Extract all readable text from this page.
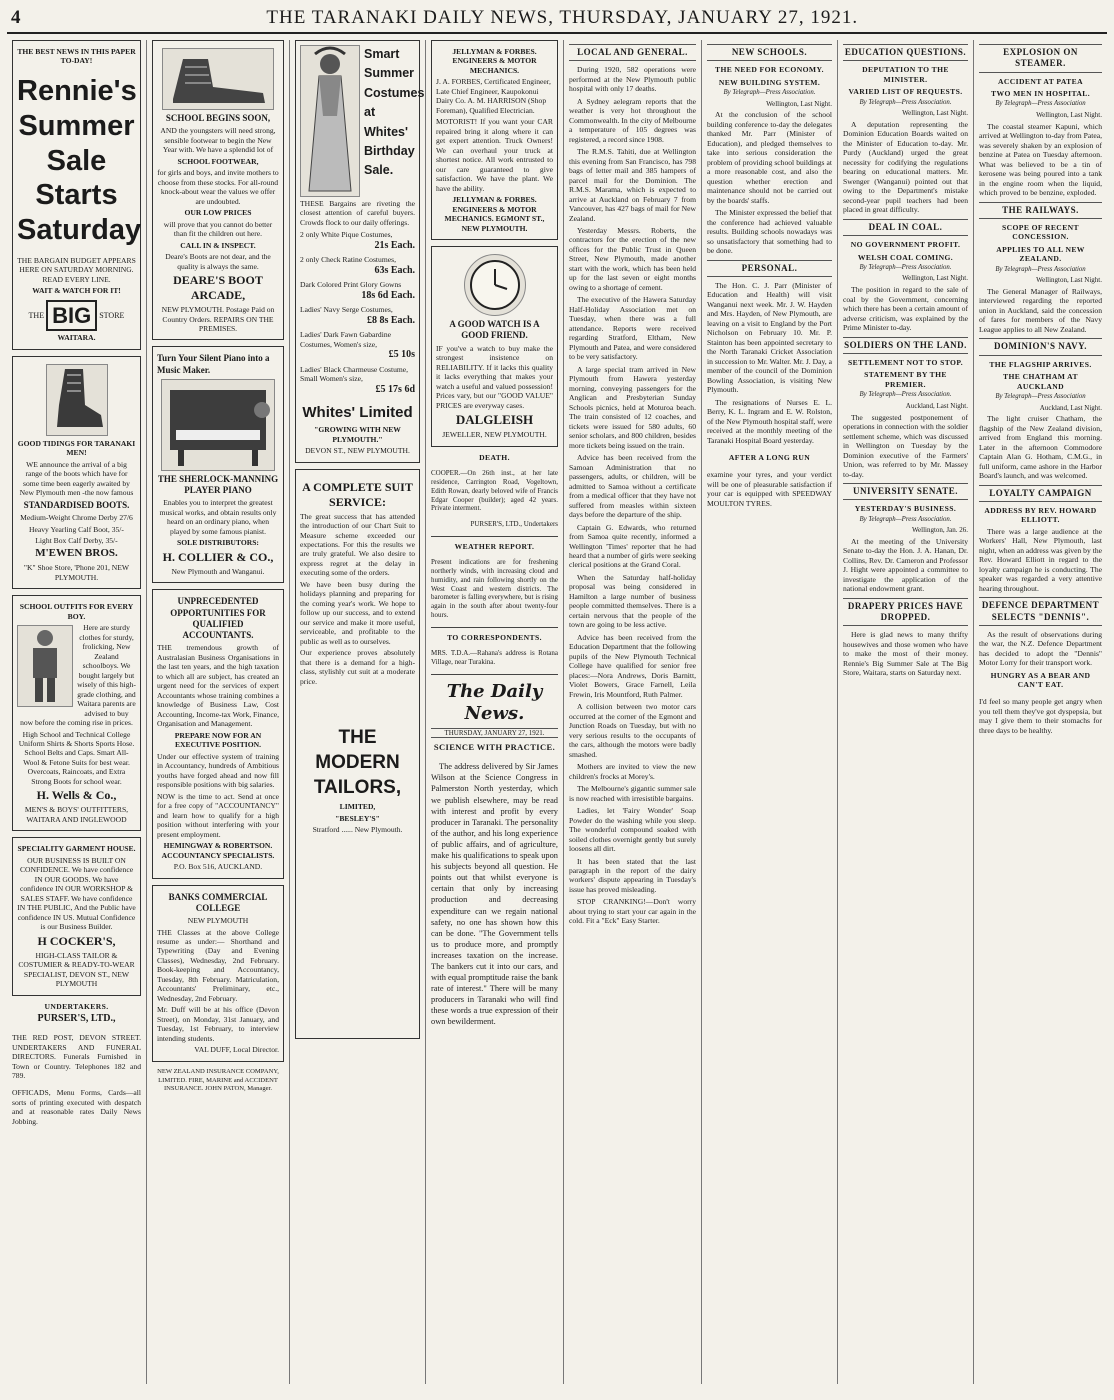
4	THE TARANAKI DAILY NEWS, THURSDAY, JANUARY 27, 1921.

THE BEST NEWS IN THIS PAPER TO-DAY!

Rennie's
Summer
Sale
Starts
Saturday

THE BARGAIN BUDGET APPEARS HERE ON SATURDAY MORNING. READ EVERY LINE.

WAIT & WATCH FOR IT!

THE BIG	STORE

WAITARA.

GOOD TIDINGS FOR TARANAKI MEN!

WE announce the arrival of a big range of the boots which have for some time been eagerly awaited by New Plymouth men -the now famous

STANDARDISED BOOTS.

Medium-Weight Chrome Derby 27/6

Heavy Yearling Calf Boot, 35/-

Light Box Calf Derby, 35/-

M'EWEN BROS.

"K" Shoe Store, 'Phone 201, NEW PLYMOUTH.

SCHOOL OUTFITS FOR EVERY BOY.

Here are sturdy clothes for sturdy, frolicking, New Zealand schoolboys. We bought largely but wisely of this high-grade clothing, and Waitara parents are advised to buy now before the coming rise in prices.

High School and Technical College Uniform Shirts & Shorts Sports Hose. School Belts and Caps. Smart All-Wool & Fetone Suits for best wear. Overcoats, Raincoats, and Extra Strong Boots for school wear.

H. Wells & Co.,

MEN'S & BOYS' OUTFITTERS, WAITARA AND INGLEWOOD

SPECIALITY GARMENT HOUSE.

OUR BUSINESS IS BUILT ON CONFIDENCE. We have confidence IN OUR GOODS. We have confidence IN OUR WORKSHOP & SALES STAFF. We have confidence IN THE PUBLIC, And the Public have confidence IN US. Mutual Confidence is our Business Builder.

H COCKER'S,

HIGH-CLASS TAILOR & COSTUMIER & READY-TO-WEAR SPECIALIST, DEVON ST., NEW PLYMOUTH

UNDERTAKERS.

PURSER'S, LTD.,

THE RED POST, DEVON STREET. UNDERTAKERS AND FUNERAL DIRECTORS. Funerals Furnished in Town or Country. Telephones 182 and 789.

OFFICADS, Menu Forms, Cards—all sorts of printing executed with despatch and at reasonable rates Daily News Jobbing.

SCHOOL BEGINS SOON,

AND the youngsters will need strong, sensible footwear to begin the New Year with. We have a splendid lot of

SCHOOL FOOTWEAR,

for girls and boys, and invite mothers to choose from these stocks. For all-round knock-about wear the values we offer are undoubted.

OUR LOW PRICES

will prove that you cannot do better than fit the children out here.

CALL IN & INSPECT.

Deare's Boots are not dear, and the quality is always the same.

DEARE'S BOOT ARCADE,

NEW PLYMOUTH. Postage Paid on Country Orders. REPAIRS ON THE PREMISES.

Turn Your Silent Piano into a Music Maker.

THE SHERLOCK-MANNING PLAYER PIANO

Enables you to interpret the greatest musical works, and obtain results only heard on an ordinary piano, when played by some famous pianist.

SOLE DISTRIBUTORS:

H. COLLIER & CO.,

New Plymouth and Wanganui.

UNPRECEDENTED OPPORTUNITIES FOR QUALIFIED ACCOUNTANTS.

THE tremendous growth of Australasian Business Organisations in the last ten years, and the high taxation to which all are subject, has created an urgent need for the services of expert Accountants whose training combines a knowledge of Business Law, Cost Accounting, Income-tax Work, Finance, Organisation and Management.

PREPARE NOW FOR AN EXECUTIVE POSITION.

Under our effective system of training in Accountancy, hundreds of Ambitious youths have forged ahead and now fill responsible positions with big salaries.

NOW is the time to act. Send at once for a free copy of "ACCOUNTANCY" and learn how to qualify for a high position without interfering with your present employment.

HEMINGWAY & ROBERTSON. ACCOUNTANCY SPECIALISTS.

P.O. Box 516, AUCKLAND.

BANKS COMMERCIAL COLLEGE

NEW PLYMOUTH

THE Classes at the above College resume as under:— Shorthand and Typewriting (Day and Evening Classes), Wednesday, 2nd February. Book-keeping and Accountancy, Tuesday, 8th February. Matriculation, Accountants' Preliminary, etc., Wednesday, 2nd February.

Mr. Duff will be at his office (Devon Street), on Monday, 31st January, and Tuesday, 1st February, to interview intending students.

VAL DUFF, Local Director.

NEW ZEALAND INSURANCE COMPANY, LIMITED. FIRE, MARINE and ACCIDENT INSURANCE. JOHN PATON, Manager.

Smart
Summer
Costumes
at
Whites'
Birthday
Sale.

THESE Bargains are riveting the closest attention of careful buyers. Crowds flock to our daily offerings.

2 only White Pique Costumes,
21s Each.
2 only Check Ratine Costumes,
63s Each.
Dark Colored Print Glory Gowns
18s 6d Each.
Ladies' Navy Serge Costumes,
£8 8s Each.
Ladies' Dark Fawn Gabardine Costumes, Women's size,
£5 10s
Ladies' Black Charmeuse Costume, Small Women's size,
£5 17s 6d

Whites' Limited

"GROWING WITH NEW PLYMOUTH."

DEVON ST., NEW PLYMOUTH.

A COMPLETE SUIT SERVICE:

The great success that has attended the introduction of our Chart Suit to Measure scheme exceeded our expectations. For this the results we are truly grateful. We also desire to express regret at the delay in executing some of the orders.

We have been busy during the holidays planning and preparing for the coming year's work. We hope to follow up our success, and to extend our service and make it more useful, serviceable, and profitable to the public as well as to ourselves.

Our experience proves absolutely that there is a demand for a high-class, stylishly cut suit at a moderate price.

THE MODERN TAILORS,

LIMITED,

"BESLEY'S"

Stratford ...... New Plymouth.

JELLYMAN & FORBES. ENGINEERS & MOTOR MECHANICS.

J. A. FORBES, Certificated Engineer, Late Chief Engineer, Kaupokonui Dairy Co. A. M. HARRISON (Shop Foreman), Qualified Electrician.

MOTORIST! If you want your CAR repaired bring it along where it can get expert attention. Truck Owners! We can overhaul your truck at shortest notice. All work entrusted to our care guaranteed to give satisfaction. We have the plant. We have the ability.

JELLYMAN & FORBES. ENGINEERS & MOTOR MECHANICS. EGMONT ST., NEW PLYMOUTH.

A GOOD WATCH IS A GOOD FRIEND.

IF you've a watch to buy make the strongest insistence on RELIABILITY. If it lacks this quality it lacks everything that makes your watch a useful and valued possession! Prices vary, but our "GOOD VALUE" PRICES are everyway cases.

DALGLEISH

JEWELLER, NEW PLYMOUTH.

DEATH.

COOPER.—On 26th inst., at her late residence, Carrington Road, Vogeltown, Edith Rowan, dearly beloved wife of Francis Edgar Cooper (builder); aged 42 years. Private interment.

PURSER'S, LTD., Undertakers

WEATHER REPORT.

Present indications are for freshening northerly winds, with increasing cloud and humidity, and rain following shortly on the West Coast and western districts. The barometer is falling everywhere, but is rising again in the south after about twenty-four hours.

TO CORRESPONDENTS.

MRS. T.D.A.—Rahana's address is Rotana Village, near Turakina.

The Daily News.

THURSDAY, JANUARY 27, 1921.

SCIENCE WITH PRACTICE.

The address delivered by Sir James Wilson at the Science Congress in Palmerston North yesterday, which we publish elsewhere, may be read with interest and profit by every producer in Taranaki. The personality of the author, and his long experience of public affairs, and of agriculture, make his qualifications to speak upon his subjects beyond all question. He points out that whilst everyone is certain that only by increasing production and decreasing expenditure can we regain national safety, no one has shown how this can be done. "The Government tells us to produce more, and promptly increases taxation on the increase. The bankers cut it into our cars, and with equal promptitude raise the bank rate of interest." There will be many producers in Taranaki who will find these words a true expression of their own bewilderment.

LOCAL AND GENERAL.

During 1920, 582 operations were performed at the New Plymouth public hospital with only 17 deaths.

A Sydney aelegram reports that the weather is very hot throughout the Commonwealth. In the city of Melbourne a temperature of 105 degrees was registered, a record since 1908.

The R.M.S. Tahiti, due at Wellington this evening from San Francisco, has 798 bags of letter mail and 385 hampers of parcel mail for the Dominion. The R.M.S. Marama, which is expected to arrive at Auckland on February 7 from Vancouver, has 427 bags of mail for New Zealand.

Yesterday Messrs. Roberts, the contractors for the erection of the new offices for the Public Trust in Queen Street, New Plymouth, made another start with the work, which has been held up for the last seven or eight months owing to a shortage of cement.

The executive of the Hawera Saturday Half-Holiday Association met on Tuesday, when there was a full attendance. Reports were received regarding Stratford, Eltham, New Plymouth and Patea, and were considered to be very satisfactory.

A large special tram arrived in New Plymouth from Hawera yesterday morning, conveying passengers for the Anglican and Presbyterian Sunday Schools picnics, held at Moturoa beach. The train consisted of 12 coaches, and tickets were issued for 580 adults, 60 senior scholars, and 800 children, besides more tickets being issued on the train.

Advice has been received from the Samoan Administration that no passengers, adults, or children, will be admitted to Samoa without a certificate from a medical officer that they have not suffered from measles within sixteen days before the departure of the ship.

Captain G. Edwards, who returned from Samoa quite recently, informed a Wellington 'Times' reporter that he had heard that a number of girls were seeking clerical positions at the Grand Coral.

When the Saturday half-holiday proposal was being considered in Hamilton a large number of business people committed themselves. There is a certain nervous that the people of the town are going to be less active.

Advice has been received from the Education Department that the following pupils of the New Plymouth Technical College have qualified for senior free places:—Nora Andrews, Doris Barnitt, Violet Bowers, Grace Farnell, Leila Frewin, Iris Mountford, Ruth Palmer.

A collision between two motor cars occurred at the corner of the Egmont and Junction Roads on Tuesday, but with no very serious results to the occupants of the cars, although the motors were badly smashed.

Mothers are invited to view the new children's frocks at Morey's.

The Melbourne's gigantic summer sale is now reached with irresistible bargains.

Ladies, let 'Fairy Wonder' Soap Powder do the washing while you sleep. The wonderful compound soaked with soiled clothes overnight gently but surely loosens all dirt.

It has been stated that the last paragraph in the report of the dairy workers' dispute appearing in Tuesday's issue has proved misleading.

STOP CRANKING!—Don't worry about trying to start your car again in the cold. Fit a "Eck" Easy Starter.

NEW SCHOOLS.
THE NEED FOR ECONOMY.
NEW BUILDING SYSTEM.
By Telegraph—Press Association.
Wellington, Last Night.

At the conclusion of the school building conference to-day the delegates thanked Mr. Parr (Minister of Education), and pledged themselves to take into serious consideration the problem of providing school buildings at a more reasonable cost, and also the question whether erection and maintenance should not be carried out by the boards' staffs.

The Minister expressed the belief that the conference had achieved valuable results. Building schools nowadays was so unsatisfactory that something had to be done.

PERSONAL.

The Hon. C. J. Parr (Minister of Education and Health) will visit Wanganui next week. Mr. J. W. Hayden and Mrs. Hayden, of New Plymouth, are leaving on a visit to England by the Port Nicholson on February 10. Mr. P. Stainton has been appointed secretary to the North Taranaki Cricket Association in succession to Mr. Walter. Mr. J. Day, a member of the council of the Dominion Bowling Association, is visiting New Plymouth.

The resignations of Nurses E. L. Berry, K. L. Ingram and E. W. Rolston, of the New Plymouth hospital staff, were received at the monthly meeting of the Taranaki Hospital Board yesterday.

AFTER A LONG RUN

examine your tyres, and your verdict will be one of pleasurable satisfaction if your car is equipped with SPEEDWAY MOULTON TYRES.

EDUCATION QUESTIONS.
DEPUTATION TO THE MINISTER.
VARIED LIST OF REQUESTS.
By Telegraph—Press Association.
Wellington, Last Night.

A deputation representing the Dominion Education Boards waited on the Minister of Education to-day. Mr. Purdy (Auckland) urged the great necessity for codifying the regulations bearing on educational matters. Mr. Swenger (Wanganui) pointed out that owing to the Department's mistake second-year pupil teachers had been placed in great difficulty.

DEAL IN COAL.
NO GOVERNMENT PROFIT.
WELSH COAL COMING.
By Telegraph—Press Association.
Wellington, Last Night.

The position in regard to the sale of coal by the Government, concerning which there has been a certain amount of adverse criticism, was explained by the Prime Minister to-day.

SOLDIERS ON THE LAND.
SETTLEMENT NOT TO STOP.
STATEMENT BY THE PREMIER.
By Telegraph—Press Association.
Auckland, Last Night.

The suggested postponement of operations in connection with the soldier settlement scheme, which was discussed in Wellington on Tuesday by the Dominion executive of the Farmers' Union, was referred to by Mr. Massey to-day.

UNIVERSITY SENATE.
YESTERDAY'S BUSINESS.
By Telegraph—Press Association.
Wellington, Jan. 26.

At the meeting of the University Senate to-day the Hon. J. A. Hanan, Dr. Collins, Rev. Dr. Cameron and Professor J. Hight were appointed a committee to investigate the application of the national endowment grant.

DRAPERY PRICES HAVE DROPPED.

Here is glad news to many thrifty housewives and those women who have to make the most of their money. Rennie's Big Summer Sale at The Big Store, Waitara, starts on Saturday next.

EXPLOSION ON STEAMER.
ACCIDENT AT PATEA
TWO MEN IN HOSPITAL.
By Telegraph—Press Association
Wellington, Last Night.

The coastal steamer Kapuni, which arrived at Wellington to-day from Patea, was severely shaken by an explosion of benzine at Patea on Tuesday afternoon. What was believed to be a tin of kerosene was being poured into a tank in the engine room when the liquid, which proved to be benzine, exploded.

THE RAILWAYS.
SCOPE OF RECENT CONCESSION.
APPLIES TO ALL NEW ZEALAND.
By Telegraph—Press Association
Wellington, Last Night.

The General Manager of Railways, interviewed regarding the reported union in Auckland, said the concession of fares for members of the Navy League applies to all New Zealand.

DOMINION'S NAVY.
THE FLAGSHIP ARRIVES.
THE CHATHAM AT AUCKLAND
By Telegraph—Press Association
Auckland, Last Night.

The light cruiser Chatham, the flagship of the New Zealand division, arrived from England this morning. Later in the afternoon Commodore Captain Alan G. Hotham, C.M.G., in full uniform, came ashore in the Harbor Board's launch, and was welcomed.

LOYALTY CAMPAIGN
ADDRESS BY REV. HOWARD ELLIOTT.

There was a large audience at the Workers' Hall, New Plymouth, last night, when an address was given by the Rev. Howard Elliott in regard to the loyalty campaign he is conducting. The speaker was regarded a very attentive hearing throughout.

DEFENCE DEPARTMENT SELECTS "DENNIS".

As the result of observations during the war, the N.Z. Defence Department has decided to adopt the "Dennis" Motor Lorry for their transport work.

HUNGRY AS A BEAR AND CAN'T EAT.

I'd feel so many people get angry when you tell them they've got dyspepsia, but may I give them to their stomachs for three days to be healthy.
